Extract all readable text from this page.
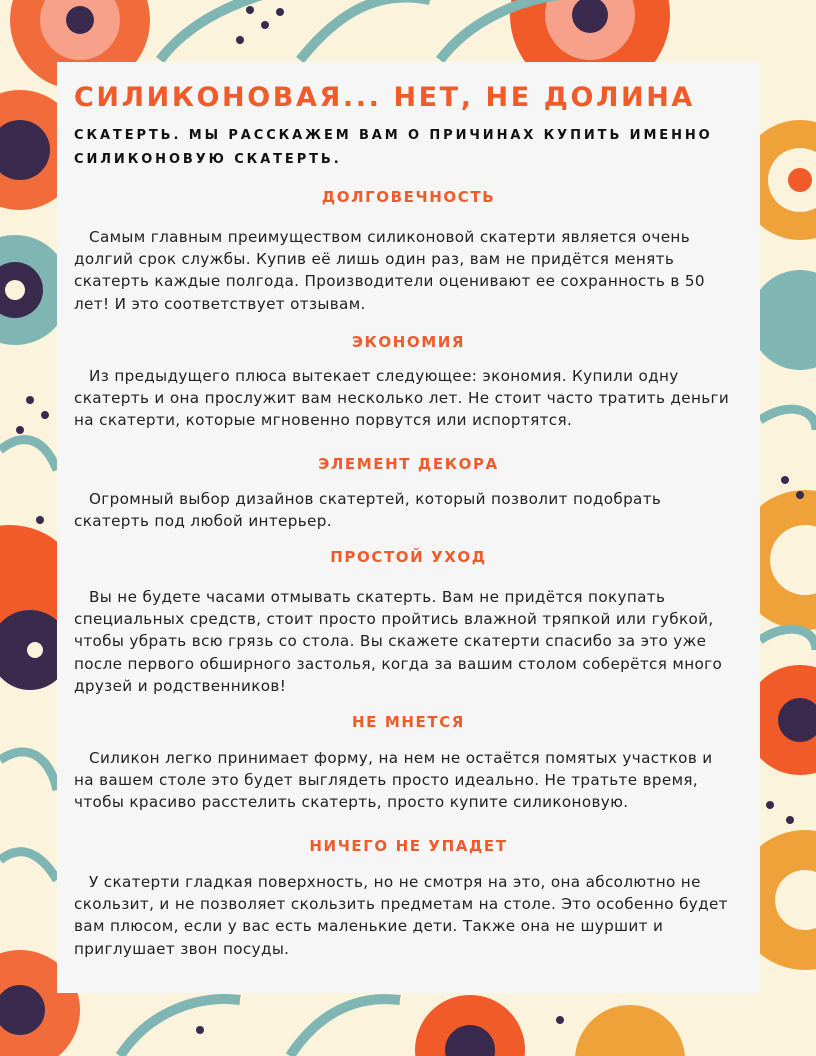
СИЛИКОНОВАЯ... НЕТ, НЕ ДОЛИНА

СКАТЕРТЬ. МЫ РАССКАЖЕМ ВАМ О ПРИЧИНАХ КУПИТЬ ИМЕННО СИЛИКОНОВУЮ СКАТЕРТЬ.

ДОЛГОВЕЧНОСТЬ

Самым главным преимуществом силиконовой скатерти является очень долгий срок службы. Купив её лишь один раз, вам не придётся менять скатерть каждые полгода. Производители оценивают ее сохранность в 50 лет! И это соответствует отзывам.

ЭКОНОМИЯ

Из предыдущего плюса вытекает следующее: экономия. Купили одну скатерть и она прослужит вам несколько лет. Не стоит часто тратить деньги на скатерти, которые мгновенно порвутся или испортятся.

ЭЛЕМЕНТ ДЕКОРА

Огромный выбор дизайнов скатертей, который позволит подобрать скатерть под любой интерьер.

ПРОСТОЙ УХОД

Вы не будете часами отмывать скатерть. Вам не придётся покупать специальных средств, стоит просто пройтись влажной тряпкой или губкой, чтобы убрать всю грязь со стола. Вы скажете скатерти спасибо за это уже после первого обширного застолья, когда за вашим столом соберётся много друзей и родственников!

НЕ МНЕТСЯ

Силикон легко принимает форму, на нем не остаётся помятых участков и на вашем столе это будет выглядеть просто идеально. Не тратьте время, чтобы красиво расстелить скатерть, просто купите силиконовую.

НИЧЕГО НЕ УПАДЕТ

У скатерти гладкая поверхность, но не смотря на это, она абсолютно не скользит, и не позволяет скользить предметам на столе. Это особенно будет вам плюсом, если у вас есть маленькие дети. Также она не шуршит и приглушает звон посуды.
